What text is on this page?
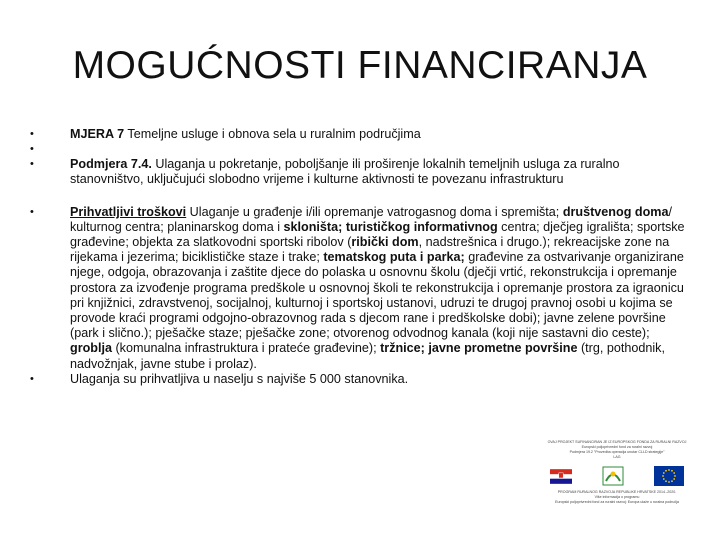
MOGUĆNOSTI FINANCIRANJA
•	MJERA 7 Temeljne usluge i obnova sela u ruralnim područjima
•
•	Podmjera 7.4. Ulaganja u pokretanje, poboljšanje ili proširenje lokalnih temeljnih usluga za ruralno stanovništvo, uključujući slobodno vrijeme i kulturne aktivnosti te povezanu infrastrukturu
•	Prihvatljivi troškovi Ulaganje u građenje i/ili opremanje vatrogasnog doma i spremišta; društvenog doma/ kulturnog centra; planinarskog doma i skloništa; turističkog informativnog centra; dječjeg igrališta; sportske građevine; objekta za slatkovodni sportski ribolov (ribički dom, nadstrešnica i drugo.); rekreacijske zone na rijekama i jezerima; biciklističke staze i trake; tematskog puta i parka; građevine za ostvarivanje organizirane njege, odgoja, obrazovanja i zaštite djece do polaska u osnovnu školu (dječji vrtić, rekonstrukcija i opremanje prostora za izvođenje programa predškole u osnovnoj školi te rekonstrukcija i opremanje prostora za igraonicu pri knjižnici, zdravstvenoj, socijalnoj, kulturnoj i sportskoj ustanovi, udruzi te drugoj pravnoj osobi u kojima se provode kraći programi odgojno-obrazovnog rada s djecom rane i predškolske dobi); javne zelene površine (park i slično.); pješačke staze; pješačke zone; otvorenog odvodnog kanala (koji nije sastavni dio ceste); groblja (komunalna infrastruktura i prateće građevine); tržnice; javne prometne površine (trg, pothodnik, nadvožnjak, javne stube i prolaz).
•	Ulaganja su prihvatljiva u naselju s najviše 5 000 stanovnika.
OVAJ PROJEKT SUFINANCIRAN JE IZ EUROPSKOG FONDA ZA RURALNI RAZVOJ
Europski poljoprivredni fond za ruralni razvoj
Podmjera 19.2 "Provedba operacija unutar CLLD strategije"
LAG
PROGRAM RURALNOG RAZVOJA REPUBLIKE HRVATSKE 2014.-2020.
Više informacija o programu
Europski poljoprivredni fond za ruralni razvoj: Europa ulaže u ruralna područja
